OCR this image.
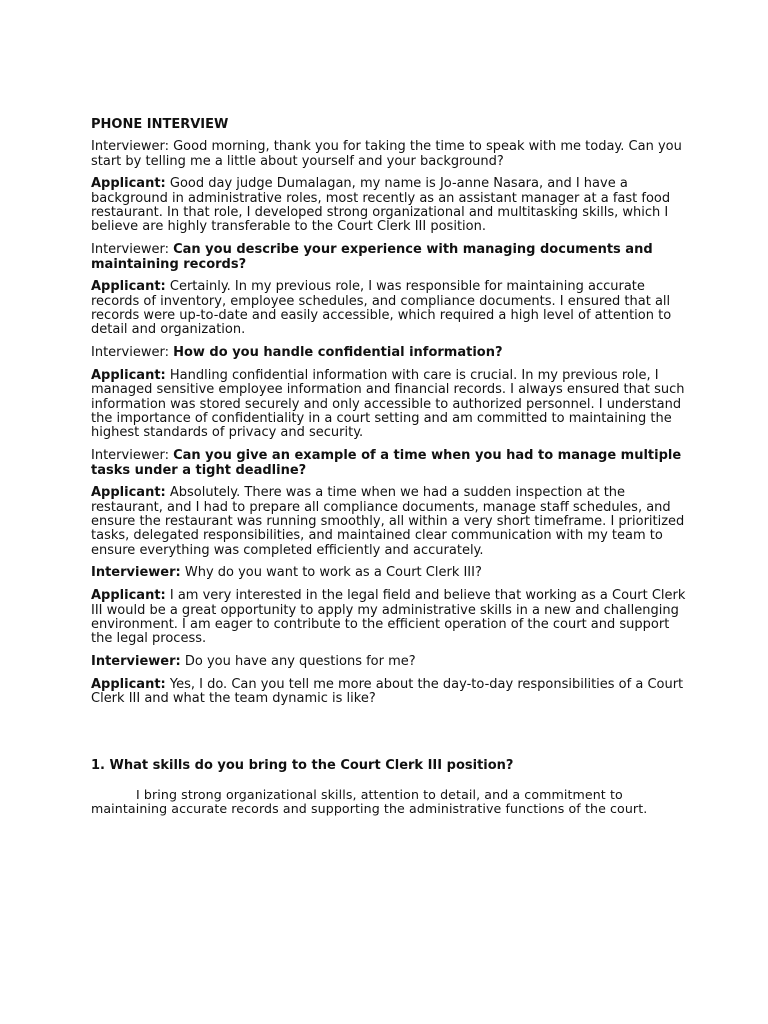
PHONE INTERVIEW

Interviewer: Good morning, thank you for taking the time to speak with me today. Can you start by telling me a little about yourself and your background?

Applicant: Good day judge Dumalagan, my name is Jo-anne Nasara, and I have a background in administrative roles, most recently as an assistant manager at a fast food restaurant. In that role, I developed strong organizational and multitasking skills, which I believe are highly transferable to the Court Clerk III position.

Interviewer: Can you describe your experience with managing documents and maintaining records?

Applicant: Certainly. In my previous role, I was responsible for maintaining accurate records of inventory, employee schedules, and compliance documents. I ensured that all records were up-to-date and easily accessible, which required a high level of attention to detail and organization.

Interviewer: How do you handle confidential information?

Applicant: Handling confidential information with care is crucial. In my previous role, I managed sensitive employee information and financial records. I always ensured that such information was stored securely and only accessible to authorized personnel. I understand the importance of confidentiality in a court setting and am committed to maintaining the highest standards of privacy and security.

Interviewer: Can you give an example of a time when you had to manage multiple tasks under a tight deadline?

Applicant: Absolutely. There was a time when we had a sudden inspection at the restaurant, and I had to prepare all compliance documents, manage staff schedules, and ensure the restaurant was running smoothly, all within a very short timeframe. I prioritized tasks, delegated responsibilities, and maintained clear communication with my team to ensure everything was completed efficiently and accurately.

Interviewer: Why do you want to work as a Court Clerk III?

Applicant: I am very interested in the legal field and believe that working as a Court Clerk III would be a great opportunity to apply my administrative skills in a new and challenging environment. I am eager to contribute to the efficient operation of the court and support the legal process.

Interviewer: Do you have any questions for me?

Applicant: Yes, I do. Can you tell me more about the day-to-day responsibilities of a Court Clerk III and what the team dynamic is like?

1. What skills do you bring to the Court Clerk III position?

I bring strong organizational skills, attention to detail, and a commitment to maintaining accurate records and supporting the administrative functions of the court.
